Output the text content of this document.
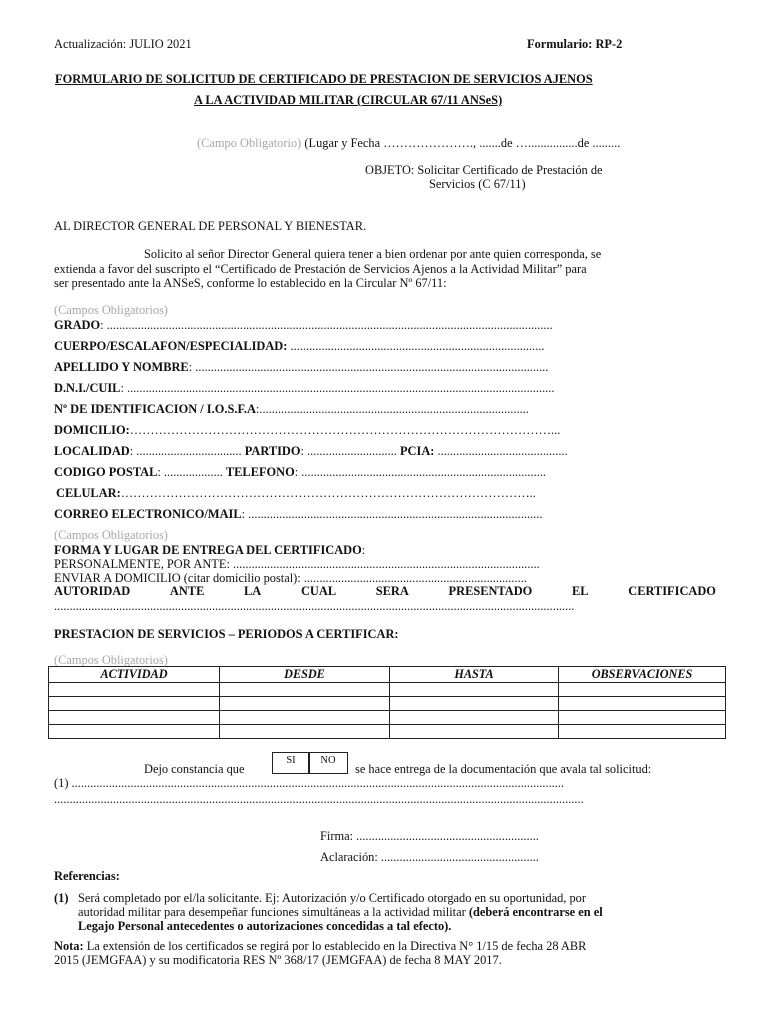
Actualización: JULIO 2021	Formulario: RP-2
FORMULARIO DE SOLICITUD DE CERTIFICADO DE PRESTACION DE SERVICIOS AJENOS
A LA ACTIVIDAD MILITAR (CIRCULAR 67/11 ANSeS)
(Campo Obligatorio) (Lugar y Fecha …………………., .......de …................de .........
OBJETO: Solicitar Certificado de Prestación de
Servicios (C 67/11)
AL DIRECTOR GENERAL DE PERSONAL Y BIENESTAR.
Solicito al señor Director General quiera tener a bien ordenar por ante quien corresponda, se
extienda a favor del suscripto el “Certificado de Prestación de Servicios Ajenos a la Actividad Militar” para
ser presentado ante la ANSeS, conforme lo establecido en la Circular Nº 67/11:
(Campos Obligatorios)
GRADO: ................................................................................................................................................
CUERPO/ESCALAFON/ESPECIALIDAD: ..................................................................................
APELLIDO Y NOMBRE: ..................................................................................................................
D.N.I./CUIL: ..........................................................................................................................................
Nº DE IDENTIFICACION / I.O.S.F.A:.......................................................................................
DOMICILIO:…………………………………………………………………………………………...
LOCALIDAD: .................................. PARTIDO: ............................. PCIA: ..........................................
CODIGO POSTAL: ................... TELEFONO: ...............................................................................
CELULAR:………………………………………………………………………………………..
CORREO ELECTRONICO/MAIL: ...............................................................................................
(Campos Obligatorios)
FORMA Y LUGAR DE ENTREGA DEL CERTIFICADO:
PERSONALMENTE, POR ANTE: ...................................................................................................
ENVIAR A DOMICILIO (citar domicilio postal): ........................................................................
AUTORIDAD	ANTE	LA	CUAL	SERA	PRESENTADO	EL	CERTIFICADO
........................................................................................................................................................................
PRESTACION DE SERVICIOS – PERIODOS A CERTIFICAR:
(Campos Obligatorios)
ACTIVIDAD	DESDE	HASTA	OBSERVACIONES

Dejo constancia que
SI	NO
se hace entrega de la documentación que avala tal solicitud:
(1) ...............................................................................................................................................................
...........................................................................................................................................................................
Firma: ...........................................................
Aclaración: ...................................................
Referencias:
(1) Será completado por el/la solicitante. Ej: Autorización y/o Certificado otorgado en su oportunidad, por
autoridad militar para desempeñar funciones simultáneas a la actividad militar (deberá encontrarse en el
Legajo Personal antecedentes o autorizaciones concedidas a tal efecto).
Nota: La extensión de los certificados se regirá por lo establecido en la Directiva N° 1/15 de fecha 28 ABR
2015 (JEMGFAA) y su modificatoria RES Nº 368/17 (JEMGFAA) de fecha 8 MAY 2017.
